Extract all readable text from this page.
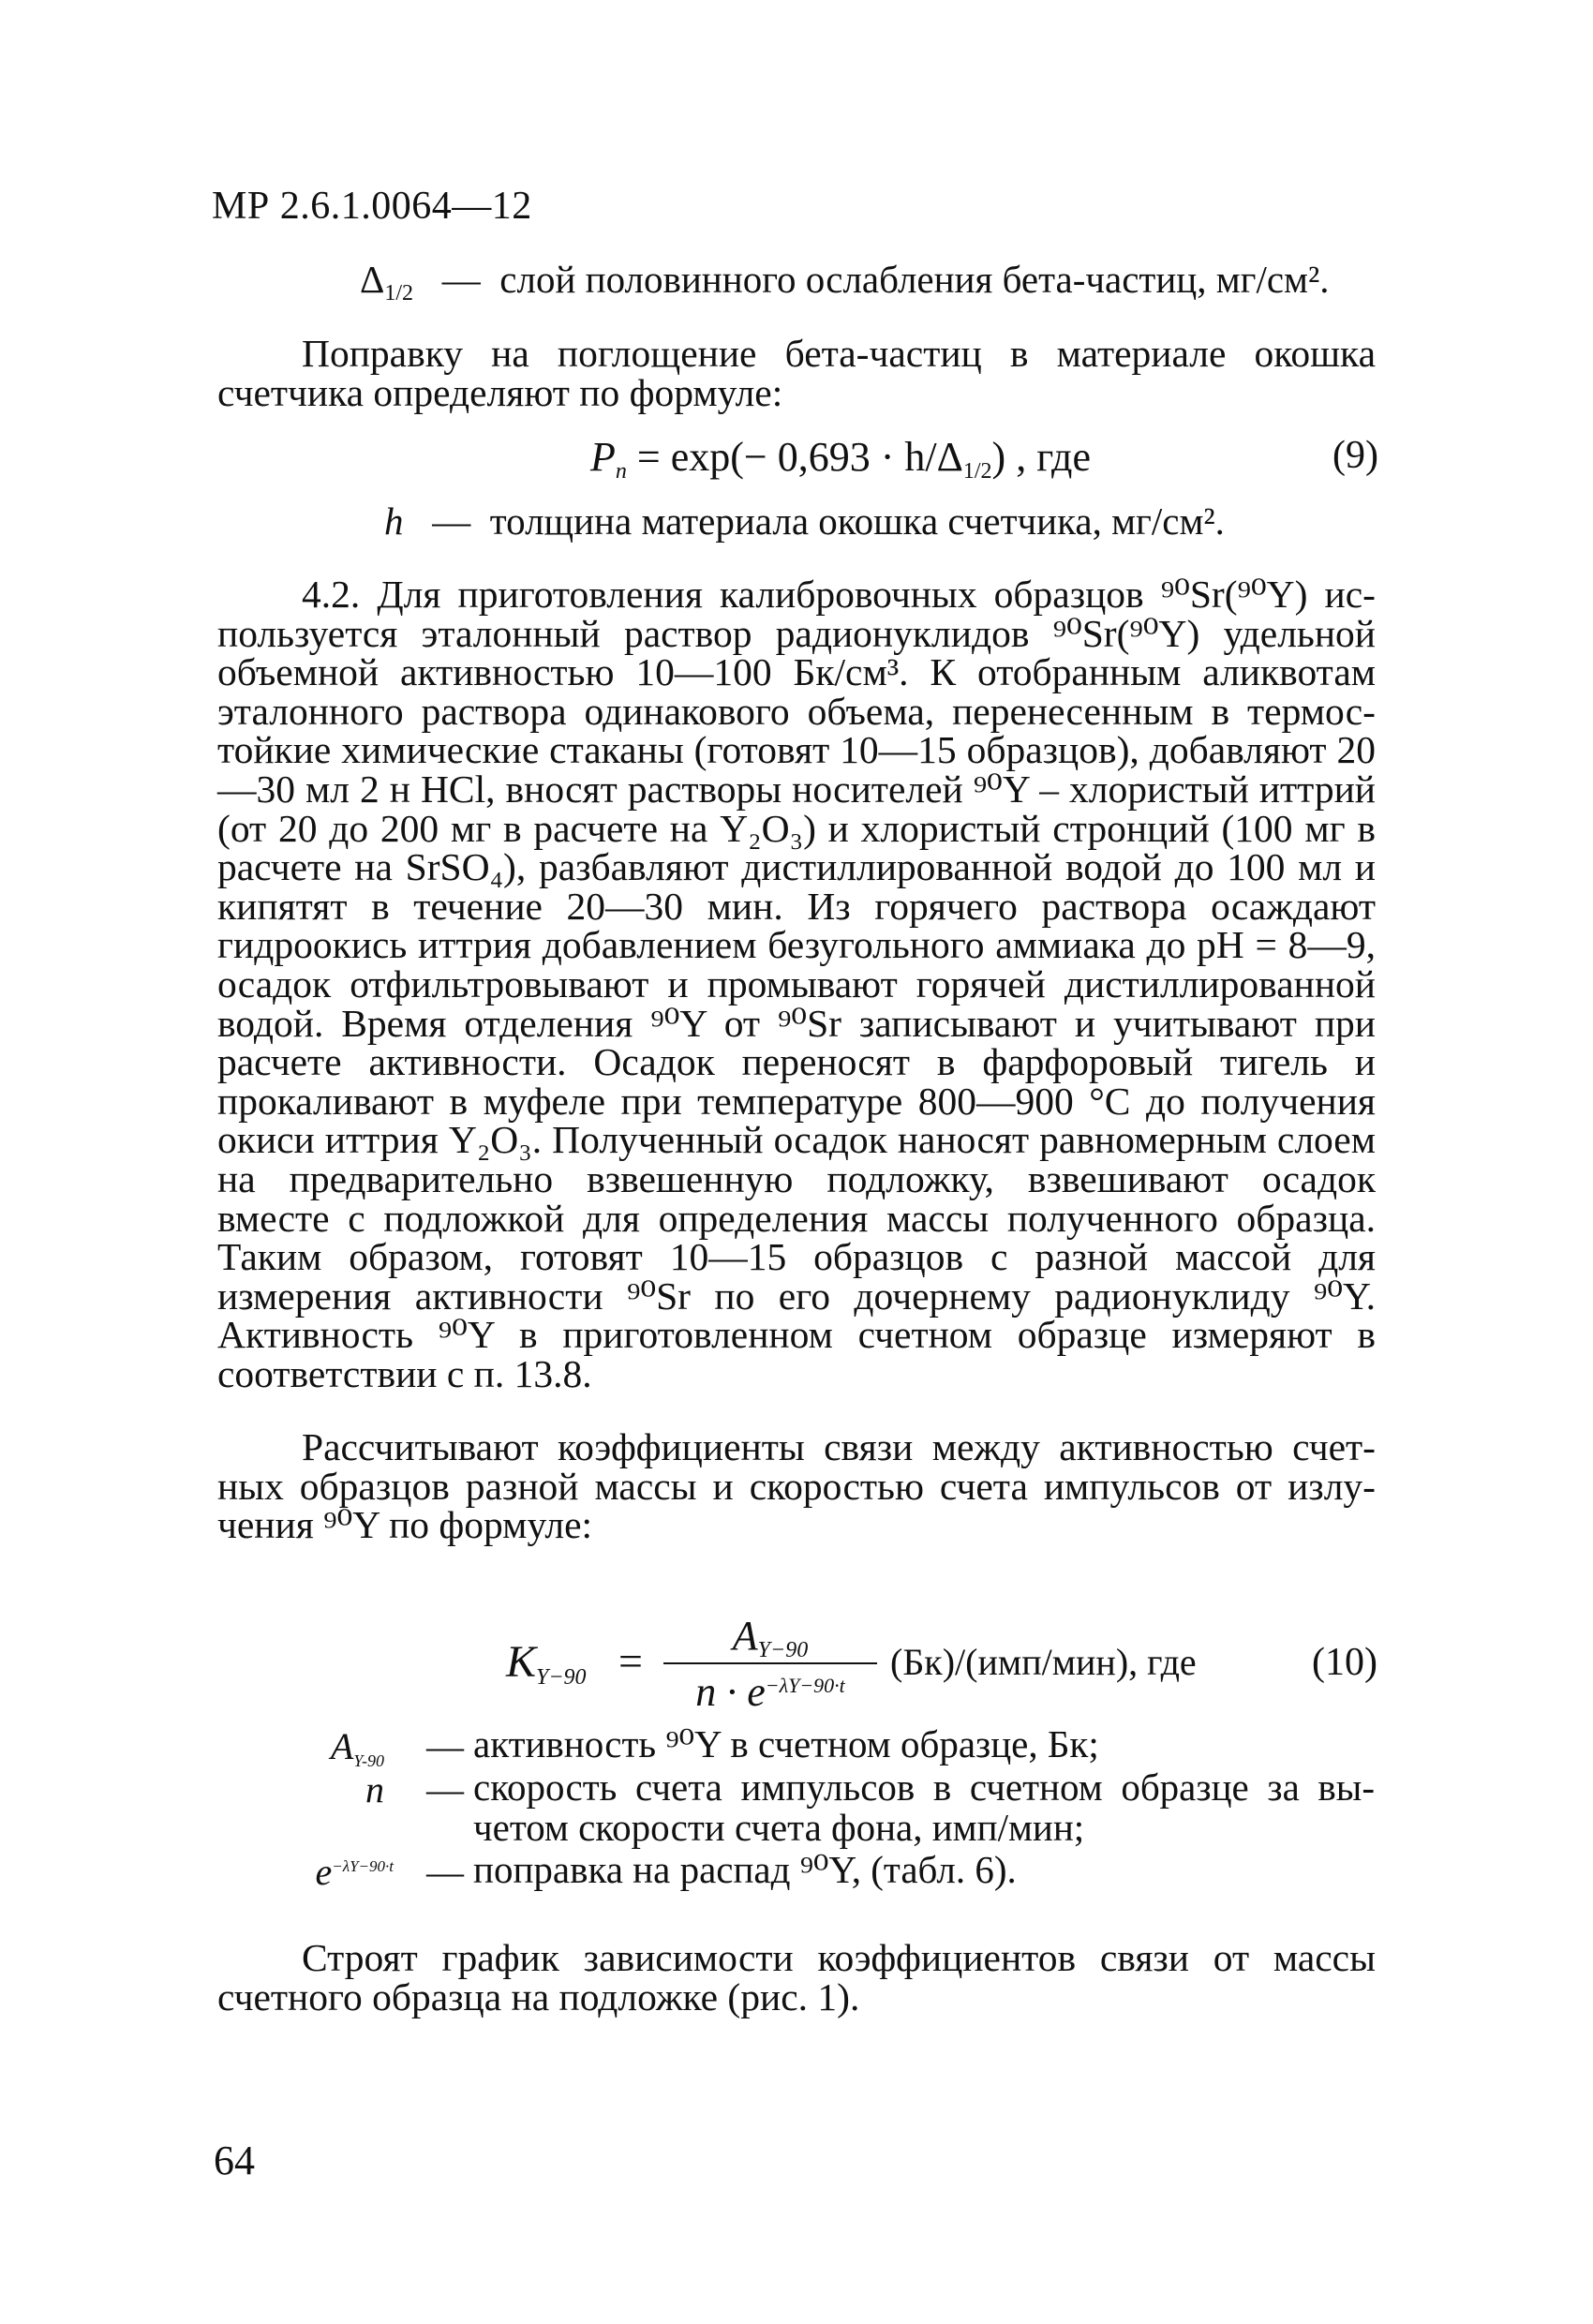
МР 2.6.1.0064—12
$\Delta_{1/2}$   —  слой половинного ослабления бета-частиц, мг/см².
Поправку на поглощение бета-частиц в материале окошка счетчика определяют по формуле:
$P_n = \exp(- 0,693 \cdot h/\Delta_{1/2})$ , где	(9)
h   —  толщина материала окошка счетчика, мг/см².
4.2. Для приготовления калибровочных образцов ⁹⁰Sr(⁹⁰Y) используется эталонный раствор радионуклидов ⁹⁰Sr(⁹⁰Y) удельной объемной активностью 10—100 Бк/см³. К отобранным аликвотам эталонного раствора одинакового объема, перенесенным в термостойкие химические стаканы (готовят 10—15 образцов), добавляют 20—30 мл 2 н HCl, вносят растворы носителей ⁹⁰Y – хлористый иттрий (от 20 до 200 мг в расчете на Y₂O₃) и хлористый стронций (100 мг в расчете на SrSO₄), разбавляют дистиллированной водой до 100 мл и кипятят в течение 20—30 мин. Из горячего раствора осаждают гидроокись иттрия добавлением безугольного аммиака до pH = 8—9, осадок отфильтровывают и промывают горячей дистиллированной водой. Время отделения ⁹⁰Y от ⁹⁰Sr записывают и учитывают при расчете активности. Осадок переносят в фарфоровый тигель и прокаливают в муфеле при температуре 800—900 °C до получения окиси иттрия Y₂O₃. Полученный осадок наносят равномерным слоем на предварительно взвешенную подложку, взвешивают осадок вместе с подложкой для определения массы полученного образца. Таким образом, готовят 10—15 образцов с разной массой для измерения активности ⁹⁰Sr по его дочернему радионуклиду ⁹⁰Y. Активность ⁹⁰Y в приготовленном счетном образце измеряют в соответствии с п. 13.8.
Рассчитывают коэффициенты связи между активностью счетных образцов разной массы и скоростью счета импульсов от излучения ⁹⁰Y по формуле:
$K_{Y-90}$ =
$A_{Y-90}$
$n \cdot e^{-\lambda Y-90\cdot t}$
(Бк)/(имп/мин), где	(10)
$A_{Y-90}$ — активность ⁹⁰Y в счетном образце, Бк;
n — скорость счета импульсов в счетном образце за вычетом скорости счета фона, имп/мин;
$e^{-\lambda Y-90\cdot t}$ — поправка на распад ⁹⁰Y, (табл. 6).
Строят график зависимости коэффициентов связи от массы счетного образца на подложке (рис. 1).
64
